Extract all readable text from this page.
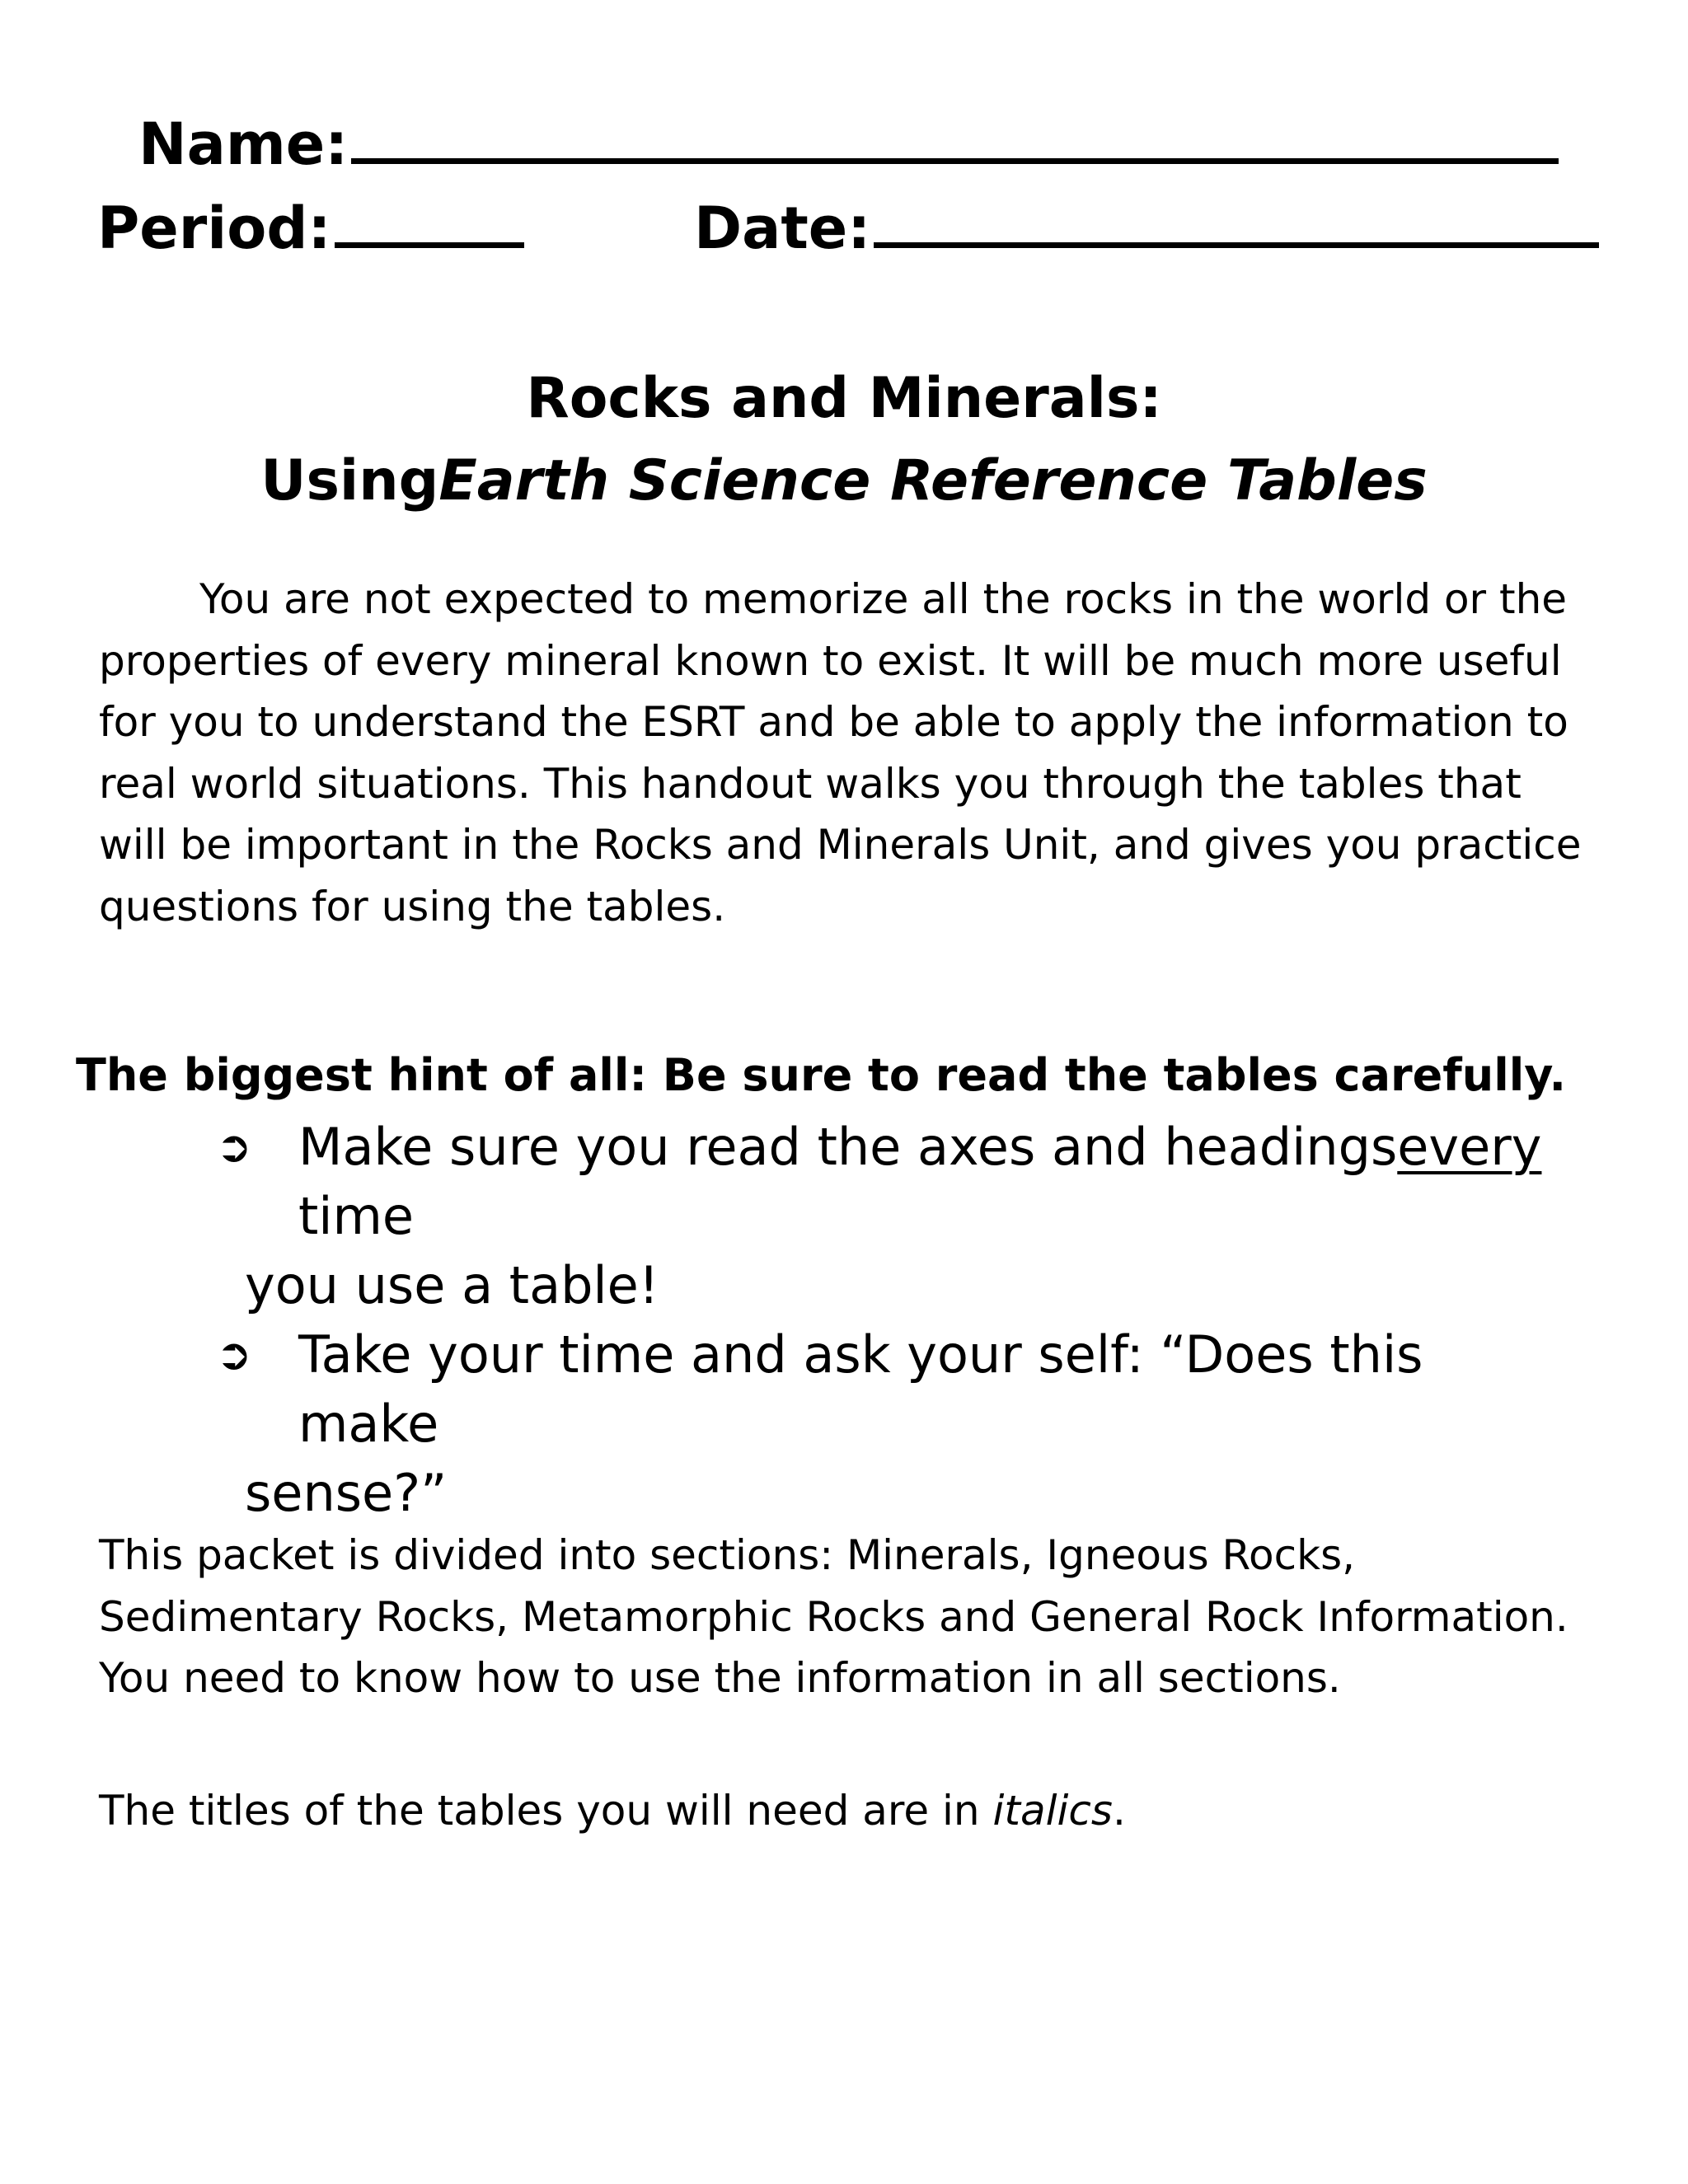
Name:
Period:	Date:
Rocks and Minerals:
UsingEarth Science Reference Tables
You are not expected to memorize all the rocks in the world or the
properties of every mineral known to exist. It will be much more useful
for you to understand the ESRT and be able to apply the information to
real world situations. This handout walks you through the tables that
will be important in the Rocks and Minerals Unit, and gives you practice
questions for using the tables.
The biggest hint of all: Be sure to read the tables carefully.
➲ Make sure you read the axes and headingsevery time
you use a table!
➲ Take your time and ask your self: “Does this make
sense?”
This packet is divided into sections: Minerals, Igneous Rocks,
Sedimentary Rocks, Metamorphic Rocks and General Rock Information.
You need to know how to use the information in all sections.
The titles of the tables you will need are in italics.
